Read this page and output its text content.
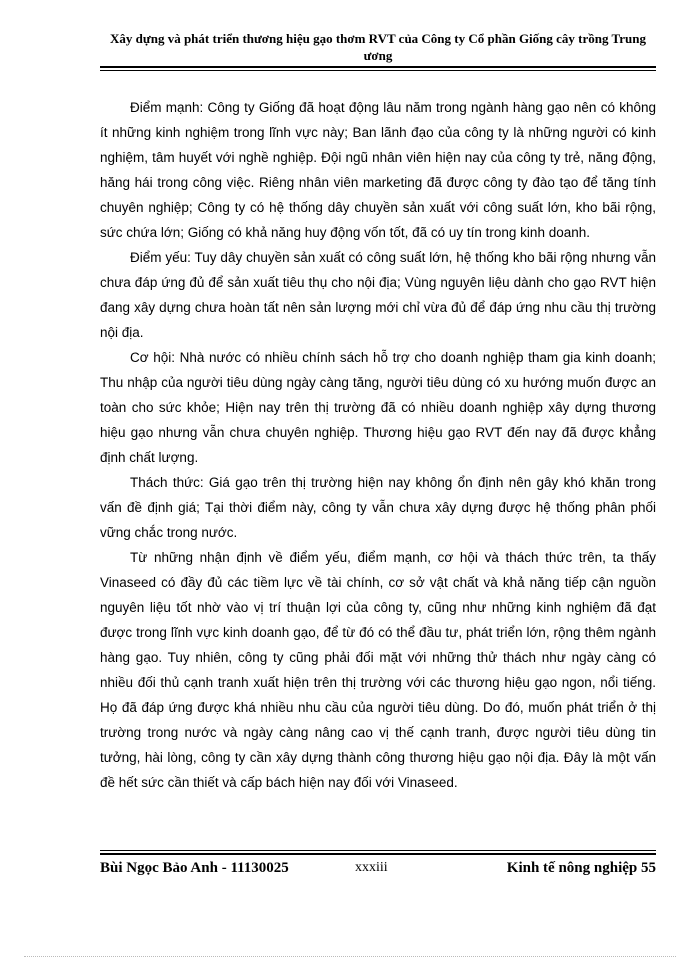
Xây dựng và phát triển thương hiệu gạo thơm RVT của Công ty Cổ phần Giống cây trồng Trung ương

Điểm mạnh: Công ty Giống đã hoạt động lâu năm trong ngành hàng gạo nên có không ít những kinh nghiệm trong lĩnh vực này; Ban lãnh đạo của công ty là những người có kinh nghiệm, tâm huyết với nghề nghiệp. Đội ngũ nhân viên hiện nay của công ty trẻ, năng động, hăng hái trong công việc. Riêng nhân viên marketing đã được công ty đào tạo để tăng tính chuyên nghiệp; Công ty có hệ thống dây chuyền sản xuất với công suất lớn, kho bãi rộng, sức chứa lớn; Giống có khả năng huy động vốn tốt, đã có uy tín trong kinh doanh.

Điểm yếu: Tuy dây chuyền sản xuất có công suất lớn, hệ thống kho bãi rộng nhưng vẫn chưa đáp ứng đủ để sản xuất tiêu thụ cho nội địa; Vùng nguyên liệu dành cho gạo RVT hiện đang xây dựng chưa hoàn tất nên sản lượng mới chỉ vừa đủ để đáp ứng nhu cầu thị trường nội địa.

Cơ hội: Nhà nước có nhiều chính sách hỗ trợ cho doanh nghiệp tham gia kinh doanh; Thu nhập của người tiêu dùng ngày càng tăng, người tiêu dùng có xu hướng muốn được an toàn cho sức khỏe; Hiện nay trên thị trường đã có nhiều doanh nghiệp xây dựng thương hiệu gạo nhưng vẫn chưa chuyên nghiệp. Thương hiệu gạo RVT đến nay đã được khẳng định chất lượng.

Thách thức: Giá gạo trên thị trường hiện nay không ổn định nên gây khó khăn trong vấn đề định giá; Tại thời điểm này, công ty vẫn chưa xây dựng được hệ thống phân phối vững chắc trong nước.

Từ những nhận định về điểm yếu, điểm mạnh, cơ hội và thách thức trên, ta thấy Vinaseed có đầy đủ các tiềm lực về tài chính, cơ sở vật chất và khả năng tiếp cận nguồn nguyên liệu tốt nhờ vào vị trí thuận lợi của công ty, cũng như những kinh nghiệm đã đạt được trong lĩnh vực kinh doanh gạo, để từ đó có thể đầu tư, phát triển lớn, rộng thêm ngành hàng gạo. Tuy nhiên, công ty cũng phải đối mặt với những thử thách như ngày càng có nhiều đối thủ cạnh tranh xuất hiện trên thị trường với các thương hiệu gạo ngon, nổi tiếng. Họ đã đáp ứng được khá nhiều nhu cầu của người tiêu dùng. Do đó, muốn phát triển ở thị trường trong nước và ngày càng nâng cao vị thế cạnh tranh, được người tiêu dùng tin tưởng, hài lòng, công ty cần xây dựng thành công thương hiệu gạo nội địa. Đây là một vấn đề hết sức cần thiết và cấp bách hiện nay đối với Vinaseed.

Bùi Ngọc Bảo Anh - 11130025	xxxiii	Kinh tế nông nghiệp 55
